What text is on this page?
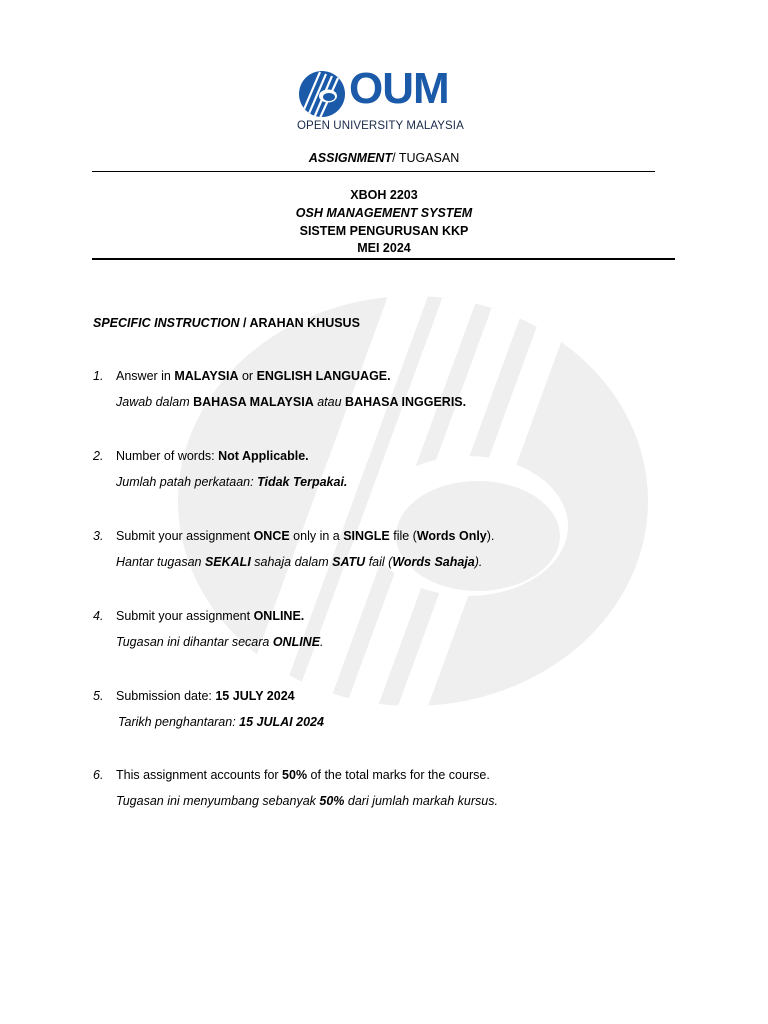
OUM
OPEN UNIVERSITY MALAYSIA
ASSIGNMENT/ TUGASAN
XBOH 2203
OSH MANAGEMENT SYSTEM
SISTEM PENGURUSAN KKP
MEI 2024
SPECIFIC INSTRUCTION / ARAHAN KHUSUS
1. Answer in MALAYSIA or ENGLISH LANGUAGE.
Jawab dalam BAHASA MALAYSIA atau BAHASA INGGERIS.
2. Number of words: Not Applicable.
Jumlah patah perkataan: Tidak Terpakai.
3. Submit your assignment ONCE only in a SINGLE file (Words Only).
Hantar tugasan SEKALI sahaja dalam SATU fail (Words Sahaja).
4. Submit your assignment ONLINE.
Tugasan ini dihantar secara ONLINE.
5. Submission date: 15 JULY 2024
Tarikh penghantaran: 15 JULAI 2024
6. This assignment accounts for 50% of the total marks for the course.
Tugasan ini menyumbang sebanyak 50% dari jumlah markah kursus.
